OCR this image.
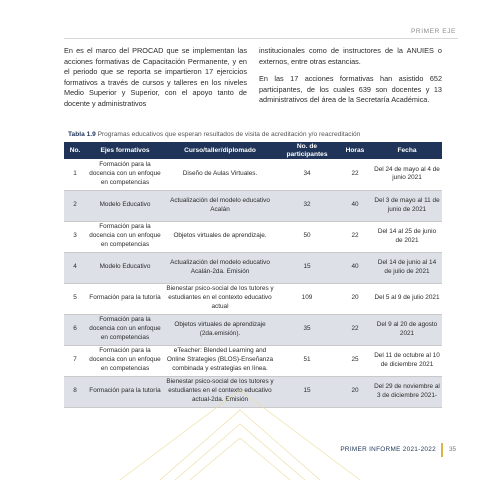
PRIMER EJE

En es el marco del PROCAD que se implementan las acciones formativas de Capacitación Permanente, y en el periodo que se reporta se impartieron 17 ejercicios formativos a través de cursos y talleres en los niveles Medio Superior y Superior, con el apoyo tanto de docente y administrativos

institucionales como de instructores de la ANUIES o externos, entre otras estancias.

En las 17 acciones formativas han asistido 652 participantes, de los cuales 639 son docentes y 13 administrativos del área de la Secretaría Académica.

Tabla 1.9 Programas educativos que esperan resultados de visita de acreditación y/o reacreditación
No.	Ejes formativos	Curso/taller/diplomado	No. de participantes	Horas	Fecha
1	Formación para la docencia con un enfoque en competencias	Diseño de Aulas Virtuales.	34	22	Del 24 de mayo al 4 de junio 2021
2	Modelo Educativo	Actualización del modelo educativo Acalán	32	40	Del 3 de mayo al 11 de junio de 2021
3	Formación para la docencia con un enfoque en competencias	Objetos virtuales de aprendizaje.	50	22	Del 14 al 25 de junio de 2021
4	Modelo Educativo	Actualización del modelo educativo Acalán-2da. Emisión	15	40	Del 14 de junio al 14 de julio de 2021
5	Formación para la tutoría	Bienestar psico-social de los tutores y estudiantes en el contexto educativo actual	109	20	Del 5 al 9 de julio 2021
6	Formación para la docencia con un enfoque en competencias	Objetos virtuales de aprendizaje (2da.emisión).	35	22	Del 9 al 20 de agosto 2021
7	Formación para la docencia con un enfoque en competencias	eTeacher: Blended Learning and Online Strategies (BLOS)-Enseñanza combinada y estrategias en línea.	51	25	Del 11 de octubre al 10 de diciembre 2021
8	Formación para la tutoría	Bienestar psico-social de los tutores y estudiantes en el contexto educativo actual-2da. Emisión	15	20	Del 29 de noviembre al 3 de diciembre 2021-
PRIMER INFORME 2021-2022 35
